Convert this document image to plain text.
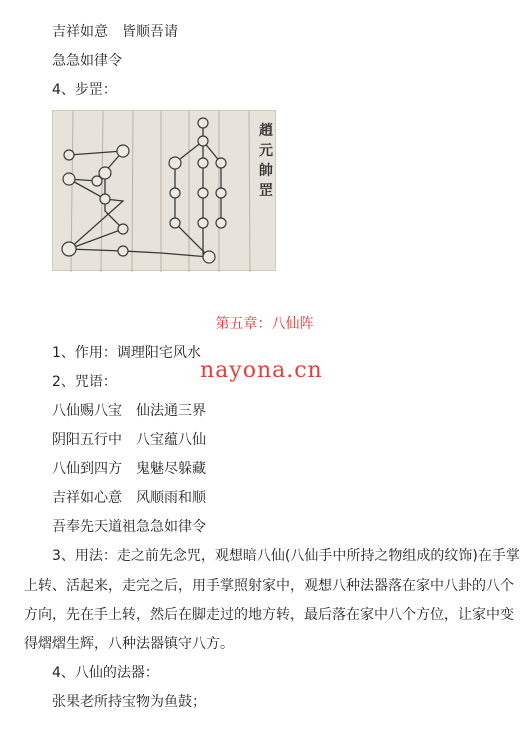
吉祥如意　皆顺吾请
急急如律令
4、步罡：
趙
元
帥
罡
第五章：八仙阵
1、作用：调理阳宅风水
2、咒语：	nayona.cn
八仙赐八宝　仙法通三界
阴阳五行中　八宝蕴八仙
八仙到四方　鬼魅尽躲藏
吉祥如心意　风顺雨和顺
吾奉先天道祖急急如律令
3、用法：走之前先念咒，观想暗八仙(八仙手中所持之物组成的纹饰)在手掌
上转、活起来，走完之后，用手掌照射家中，观想八种法器落在家中八卦的八个
方向，先在手上转，然后在脚走过的地方转，最后落在家中八个方位，让家中变
得熠熠生辉，八种法器镇守八方。
4、八仙的法器：
张果老所持宝物为鱼鼓；
